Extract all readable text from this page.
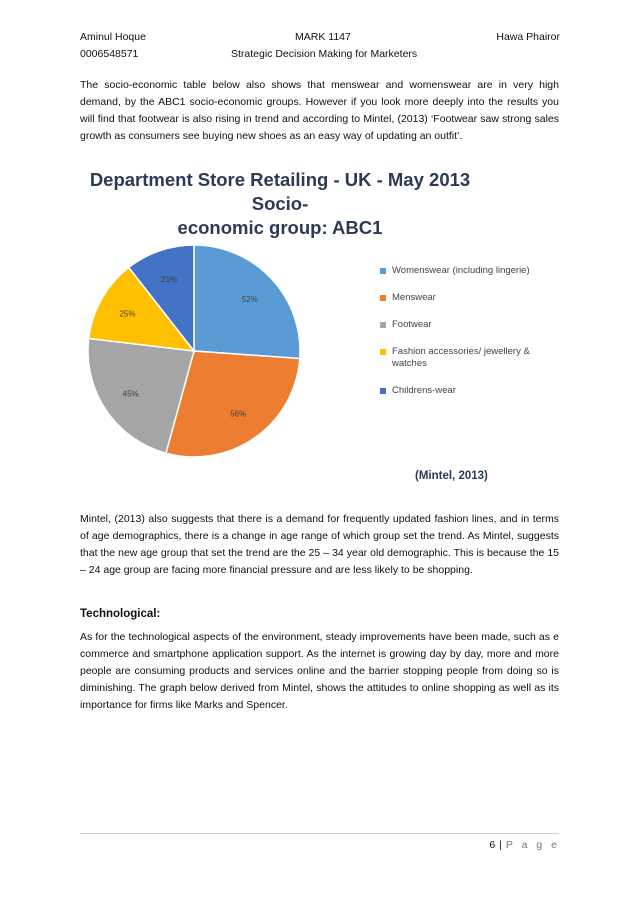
Aminul Hoque
0006548571
MARK 1147
Strategic Decision Making for Marketers
Hawa Phairor
The socio-economic table below also shows that menswear and womenswear are in very high demand, by the ABC1 socio-economic groups. However if you look more deeply into the results you will find that footwear is also rising in trend and according to Mintel, (2013) ‘Footwear saw strong sales growth as consumers see buying new shoes as an easy way of updating an outfit’.
Department Store Retailing - UK - May 2013 Socio-
economic group: ABC1
52%
56%
45%
25%
21%
Womenswear (including lingerie)
Menswear
Footwear
Fashion accessories/ jewellery & watches
Childrens-wear
(Mintel, 2013)
Mintel, (2013) also suggests that there is a demand for frequently updated fashion lines, and in terms of age demographics, there is a change in age range of which group set the trend. As Mintel, suggests that the new age group that set the trend are the 25 – 34 year old demographic. This is because the 15 – 24 age group are facing more financial pressure and are less likely to be shopping.
Technological:
As for the technological aspects of the environment, steady improvements have been made, such as e commerce and smartphone application support. As the internet is growing day by day, more and more people are consuming products and services online and the barrier stopping people from doing so is diminishing. The graph below derived from Mintel, shows the attitudes to online shopping as well as its importance for firms like Marks and Spencer.
6 | P a g e
